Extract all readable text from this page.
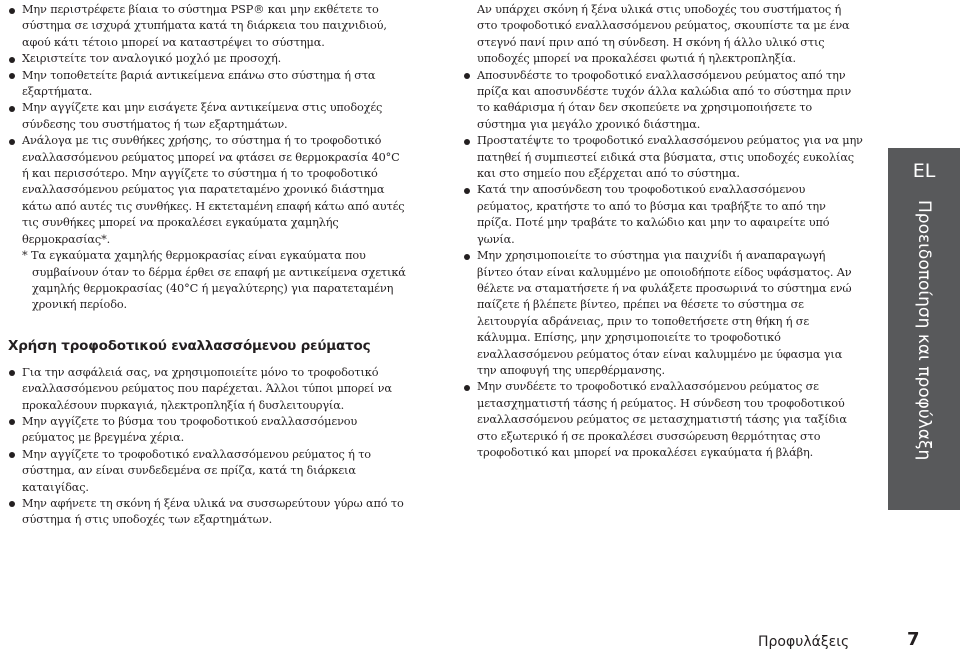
Μην περιστρέφετε βίαια το σύστημα PSP® και μην εκθέτετε το σύστημα σε ισχυρά χτυπήματα κατά τη διάρκεια του παιχνιδιού, αφού κάτι τέτοιο μπορεί να καταστρέψει το σύστημα.
Χειριστείτε τον αναλογικό μοχλό με προσοχή.
Μην τοποθετείτε βαριά αντικείμενα επάνω στο σύστημα ή στα εξαρτήματα.
Μην αγγίζετε και μην εισάγετε ξένα αντικείμενα στις υποδοχές σύνδεσης του συστήματος ή των εξαρτημάτων.
Ανάλογα με τις συνθήκες χρήσης, το σύστημα ή το τροφοδοτικό εναλλασσόμενου ρεύματος μπορεί να φτάσει σε θερμοκρασία 40°C ή και περισσότερο. Μην αγγίζετε το σύστημα ή το τροφοδοτικό εναλλασσόμενου ρεύματος για παρατεταμένο χρονικό διάστημα κάτω από αυτές τις συνθήκες. Η εκτεταμένη επαφή κάτω από αυτές τις συνθήκες μπορεί να προκαλέσει εγκαύματα χαμηλής θερμοκρασίας*.

* Τα εγκαύματα χαμηλής θερμοκρασίας είναι εγκαύματα που συμβαίνουν όταν το δέρμα έρθει σε επαφή με αντικείμενα σχετικά χαμηλής θερμοκρασίας (40°C ή μεγαλύτερης) για παρατεταμένη χρονική περίοδο.

Χρήση τροφοδοτικού εναλλασσόμενου ρεύματος
Για την ασφάλειά σας, να χρησιμοποιείτε μόνο το τροφοδοτικό εναλλασσόμενου ρεύματος που παρέχεται. Άλλοι τύποι μπορεί να προκαλέσουν πυρκαγιά, ηλεκτροπληξία ή δυσλειτουργία.
Μην αγγίζετε το βύσμα του τροφοδοτικού εναλλασσόμενου ρεύματος με βρεγμένα χέρια.
Μην αγγίζετε το τροφοδοτικό εναλλασσόμενου ρεύματος ή το σύστημα, αν είναι συνδεδεμένα σε πρίζα, κατά τη διάρκεια καταιγίδας.
Μην αφήνετε τη σκόνη ή ξένα υλικά να συσσωρεύτουν γύρω από το σύστημα ή στις υποδοχές των εξαρτημάτων.

Αν υπάρχει σκόνη ή ξένα υλικά στις υποδοχές του συστήματος ή στο τροφοδοτικό εναλλασσόμενου ρεύματος, σκουπίστε τα με ένα στεγνό πανί πριν από τη σύνδεση. Η σκόνη ή άλλο υλικό στις υποδοχές μπορεί να προκαλέσει φωτιά ή ηλεκτροπληξία.

Αποσυνδέστε το τροφοδοτικό εναλλασσόμενου ρεύματος από την πρίζα και αποσυνδέστε τυχόν άλλα καλώδια από το σύστημα πριν το καθάρισμα ή όταν δεν σκοπεύετε να χρησιμοποιήσετε το σύστημα για μεγάλο χρονικό διάστημα.
Προστατέψτε το τροφοδοτικό εναλλασσόμενου ρεύματος για να μην πατηθεί ή συμπιεστεί ειδικά στα βύσματα, στις υποδοχές ευκολίας και στο σημείο που εξέρχεται από το σύστημα.
Κατά την αποσύνδεση του τροφοδοτικού εναλλασσόμενου ρεύματος, κρατήστε το από το βύσμα και τραβήξτε το από την πρίζα. Ποτέ μην τραβάτε το καλώδιο και μην το αφαιρείτε υπό γωνία.
Μην χρησιμοποιείτε το σύστημα για παιχνίδι ή αναπαραγωγή βίντεο όταν είναι καλυμμένο με οποιοδήποτε είδος υφάσματος. Αν θέλετε να σταματήσετε ή να φυλάξετε προσωρινά το σύστημα ενώ παίζετε ή βλέπετε βίντεο, πρέπει να θέσετε το σύστημα σε λειτουργία αδράνειας, πριν το τοποθετήσετε στη θήκη ή σε κάλυμμα. Επίσης, μην χρησιμοποιείτε το τροφοδοτικό εναλλασσόμενου ρεύματος όταν είναι καλυμμένο με ύφασμα για την αποφυγή της υπερθέρμανσης.
Μην συνδέετε το τροφοδοτικό εναλλασσόμενου ρεύματος σε μετασχηματιστή τάσης ή ρεύματος. Η σύνδεση του τροφοδοτικού εναλλασσόμενου ρεύματος σε μετασχηματιστή τάσης για ταξίδια στο εξωτερικό ή σε προκαλέσει συσσώρευση θερμότητας στο τροφοδοτικό και μπορεί να προκαλέσει εγκαύματα ή βλάβη.
EL
Προειδοποίηση και προφύλαξη
Προφυλάξεις	7
